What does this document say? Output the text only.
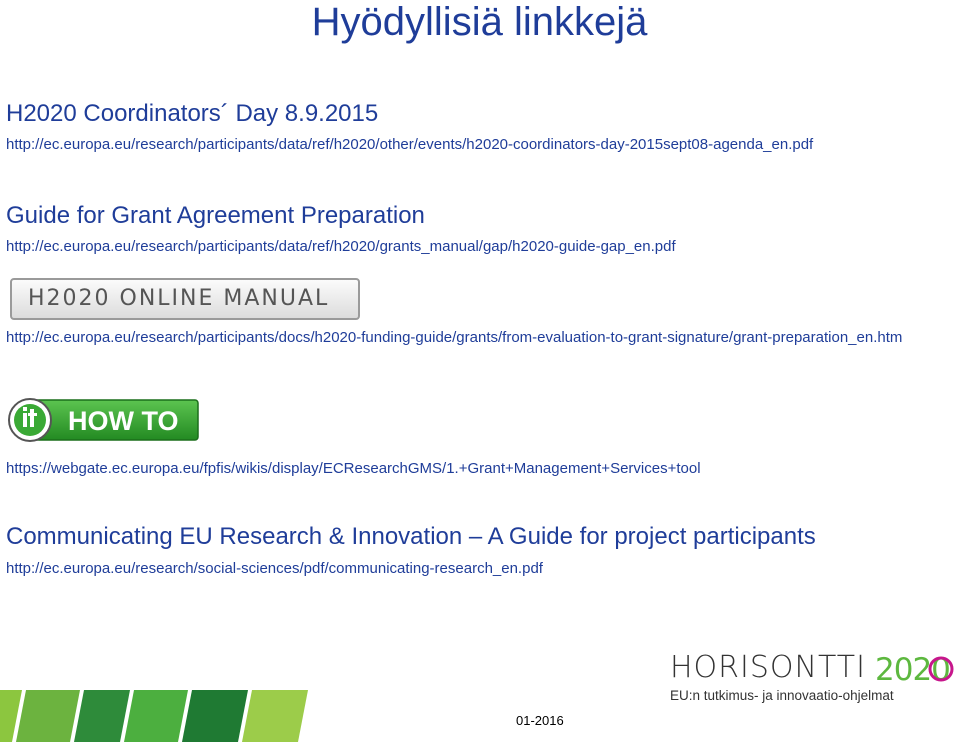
Hyödyllisiä linkkejä
H2020 Coordinators´ Day 8.9.2015
http://ec.europa.eu/research/participants/data/ref/h2020/other/events/h2020-coordinators-day-2015sept08-agenda_en.pdf
Guide for Grant Agreement Preparation
http://ec.europa.eu/research/participants/data/ref/h2020/grants_manual/gap/h2020-guide-gap_en.pdf
H2020 ONLINE MANUAL
http://ec.europa.eu/research/participants/docs/h2020-funding-guide/grants/from-evaluation-to-grant-signature/grant-preparation_en.htm
HOW TO
https://webgate.ec.europa.eu/fpfis/wikis/display/ECResearchGMS/1.+Grant+Management+Services+tool
Communicating EU Research & Innovation – A Guide for project participants
http://ec.europa.eu/research/social-sciences/pdf/communicating-research_en.pdf
01-2016
HORISONTTI 2020
EU:n tutkimus- ja innovaatio-ohjelmat
